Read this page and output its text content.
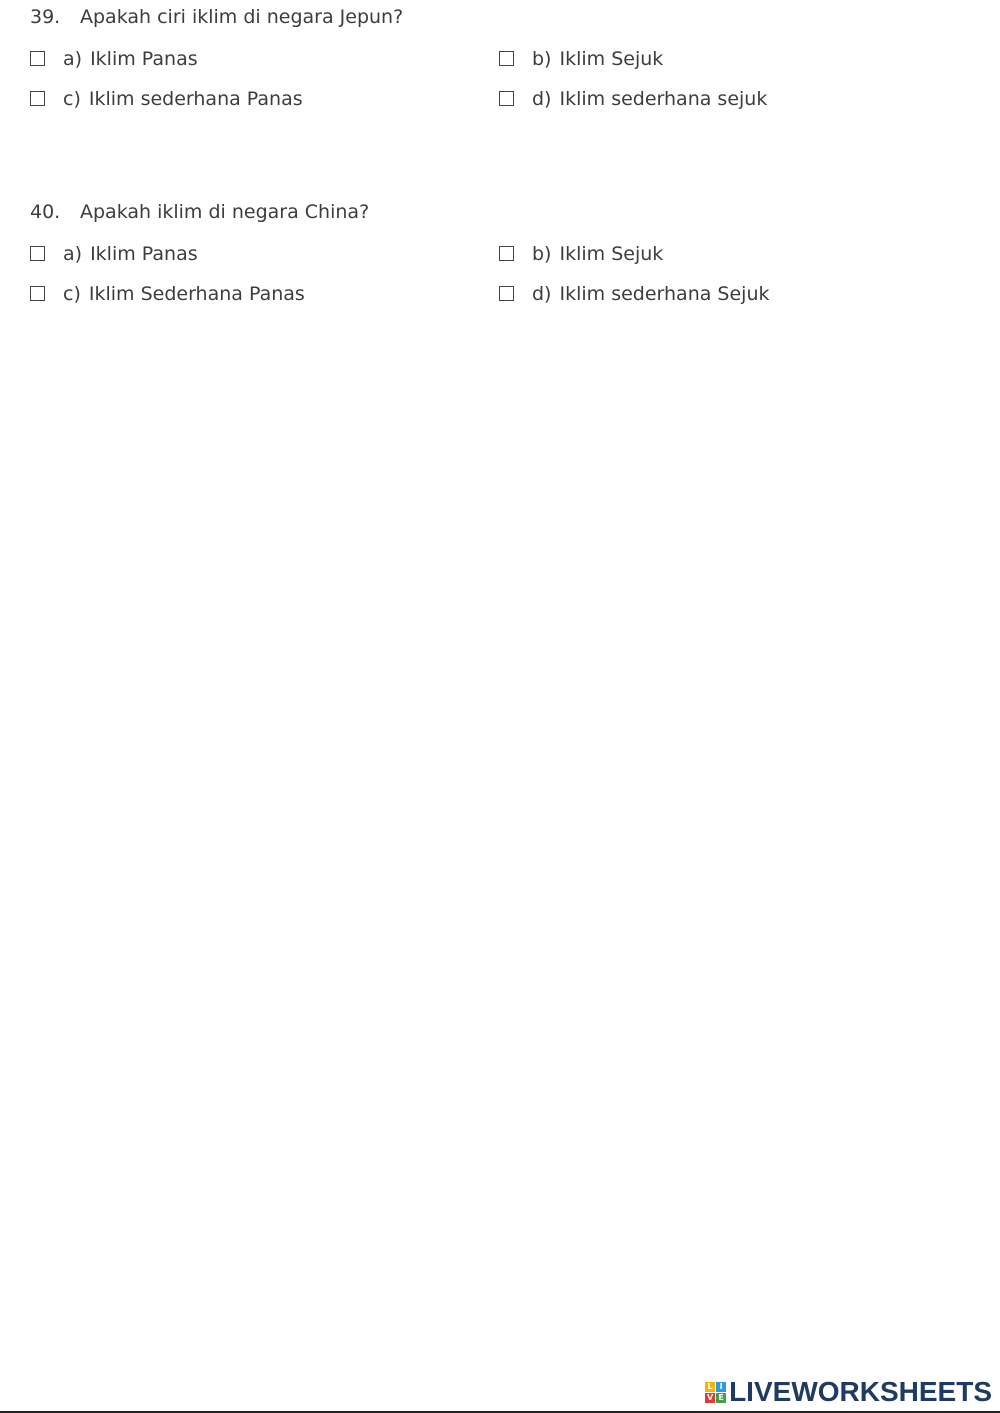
39. Apakah ciri iklim di negara Jepun?
a) Iklim Panas	b) Iklim Sejuk
c) Iklim sederhana Panas	d) Iklim sederhana sejuk
40. Apakah iklim di negara China?
a) Iklim Panas	b) Iklim Sejuk
c) Iklim Sederhana Panas	d) Iklim sederhana Sejuk
L I
V E LIVEWORKSHEETS
